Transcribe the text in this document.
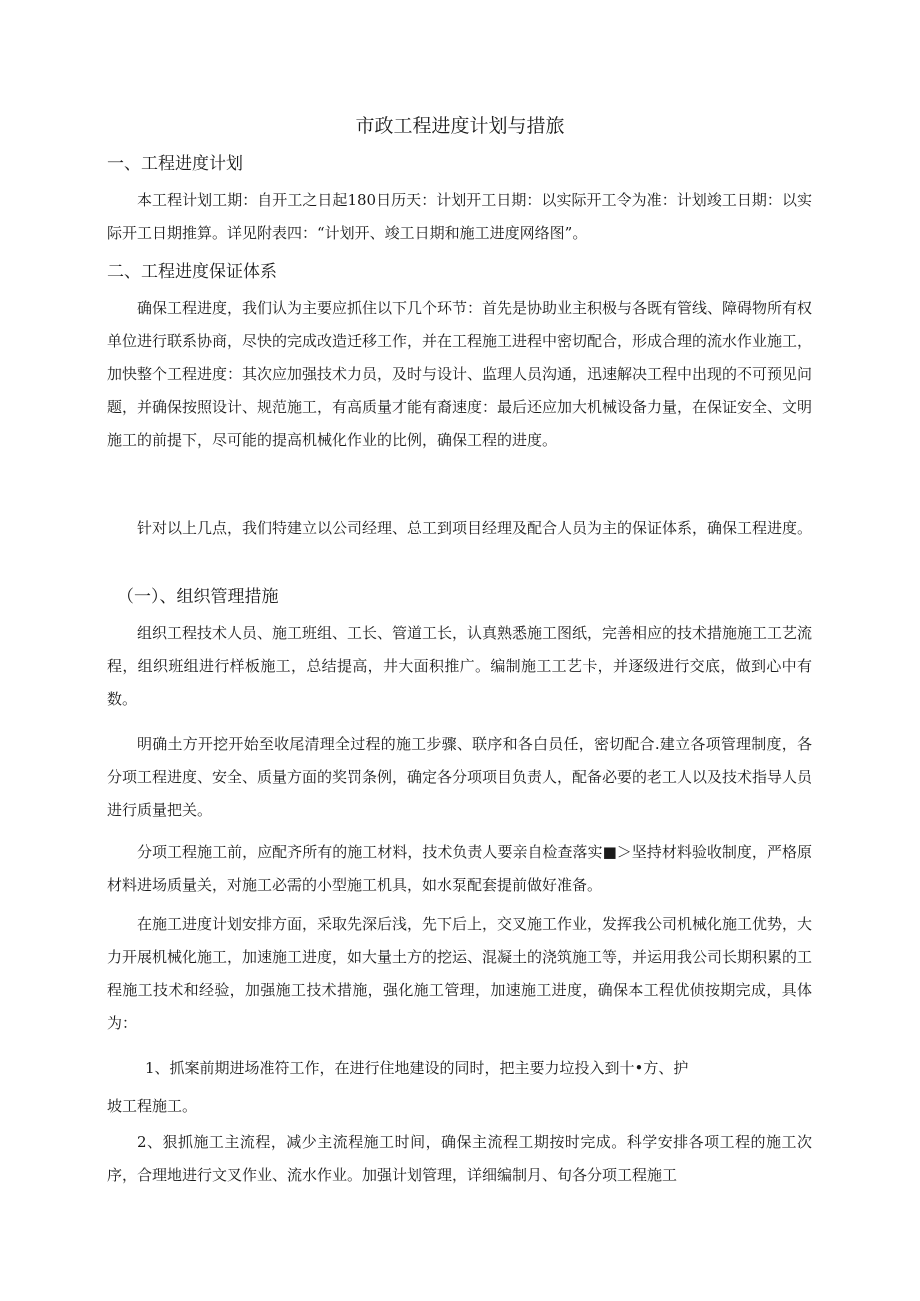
市政工程进度计划与措旅
一、工程进度计划

本工程计划工期：自开工之日起180日历天：计划开工日期：以实际开工令为准：计划竣工日期：以实际开工日期推算。详见附表四：“计划开、竣工日期和施工进度网络图”。

二、工程进度保证体系

确保工程进度，我们认为主要应抓住以下几个环节：首先是协助业主积极与各既有管线、障碍物所有权单位进行联系协商，尽快的完成改造迁移工作，并在工程施工进程中密切配合，形成合理的流水作业施工，加快整个工程进度：其次应加强技术力员，及时与设计、监理人员沟通，迅速解决工程中出现的不可预见问题，并确保按照设计、规范施工，有高质量才能有裔速度：最后还应加大机械设备力量，在保证安全、文明施工的前提下，尽可能的提高机械化作业的比例，确保工程的进度。

针对以上几点，我们特建立以公司经理、总工到项目经理及配合人员为主的保证体系，确保工程进度。

（一）、组织管理措施

组织工程技术人员、施工班组、工长、管道工长，认真熟悉施工图纸，完善相应的技术措施施工工艺流程，组织班组进行样板施工，总结提高，井大面积推广。编制施工工艺卡，并逐级进行交底，做到心中有数。

明确土方开挖开始至收尾清理全过程的施工步骤、联序和各白员任，密切配合.建立各项管理制度，各分项工程进度、安全、质量方面的奖罚条例，确定各分项项目负责人，配备必要的老工人以及技术指导人员进行质量把关。

分项工程施工前，应配齐所有的施工材料，技术负责人要亲自检查落实■＞坚持材料验收制度，严格原材料进场质量关，对施工必需的小型施工机具，如水泵配套提前做好准备。

在施工进度计划安排方面，采取先深后浅，先下后上，交叉施工作业，发挥我公司机械化施工优势，大力开展机械化施工，加速施工进度，如大量土方的挖运、混凝土的浇筑施工等，并运用我公司长期积累的工程施工技术和经验，加强施工技术措施，强化施工管理，加速施工进度，确保本工程优侦按期完成，具体为：

1、抓案前期进场准符工作，在进行住地建设的同时，把主要力垃投入到十•方、护

坡工程施工。

2、狠抓施工主流程，减少主流程施工时间，确保主流程工期按时完成。科学安排各项工程的施工次序，合理地进行文叉作业、流水作业。加强计划管理，详细编制月、旬各分项工程施工
